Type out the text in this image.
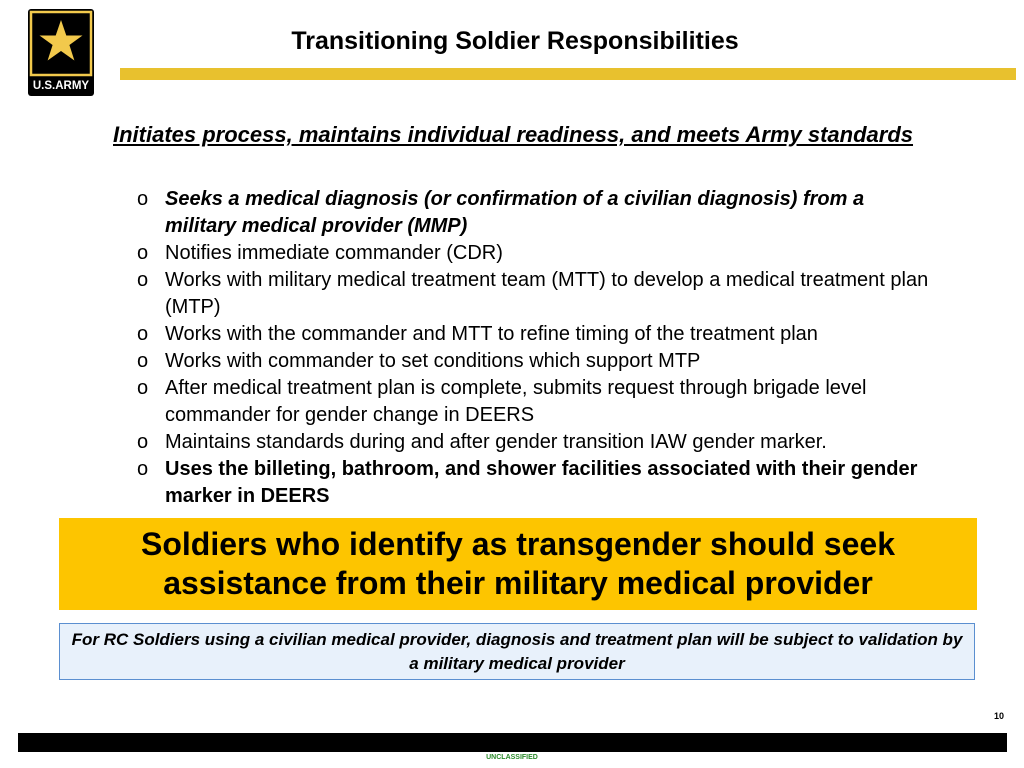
U.S.ARMY
Transitioning Soldier Responsibilities

Initiates process, maintains individual readiness, and meets Army standards

o Seeks a medical diagnosis (or confirmation of a civilian diagnosis) from a military medical provider (MMP)
o Notifies immediate commander (CDR)
o Works with military medical treatment team (MTT) to develop a medical treatment plan (MTP)
o Works with the commander and MTT to refine timing of the treatment plan
o Works with commander to set conditions which support MTP
o After medical treatment plan is complete, submits request through brigade level commander for gender change in DEERS
o Maintains standards during and after gender transition IAW gender marker.
o Uses the billeting, bathroom, and shower facilities associated with their gender marker in DEERS
Soldiers who identify as transgender should seek assistance from their military medical provider
For RC Soldiers using a civilian medical provider, diagnosis and treatment plan will be subject to validation by a military medical provider
10
UNCLASSIFIED
